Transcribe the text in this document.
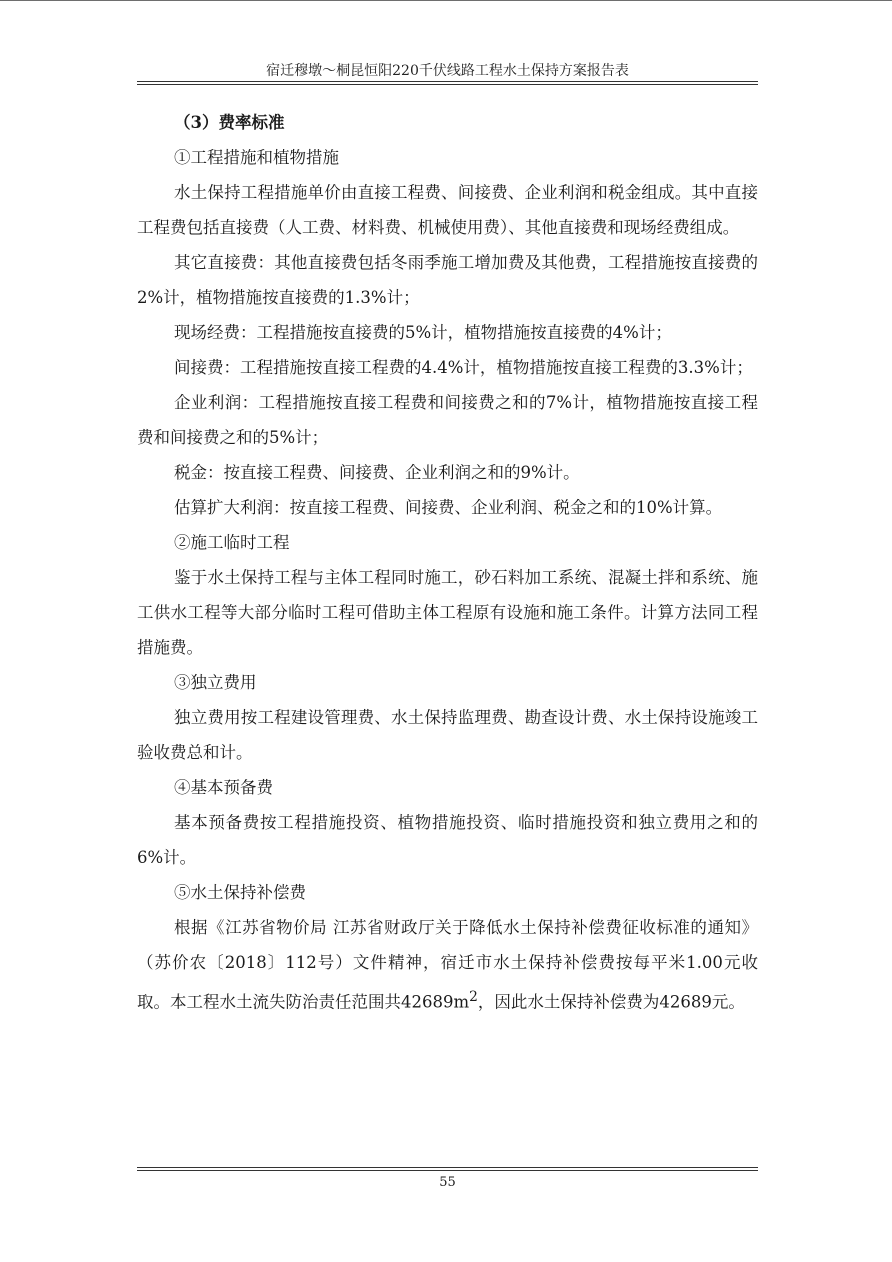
宿迁穆墩～桐昆恒阳220千伏线路工程水土保持方案报告表

（3）费率标准

①工程措施和植物措施

水土保持工程措施单价由直接工程费、间接费、企业利润和税金组成。其中直接工程费包括直接费（人工费、材料费、机械使用费）、其他直接费和现场经费组成。

其它直接费：其他直接费包括冬雨季施工增加费及其他费，工程措施按直接费的2%计，植物措施按直接费的1.3%计；

现场经费：工程措施按直接费的5%计，植物措施按直接费的4%计；

间接费：工程措施按直接工程费的4.4%计，植物措施按直接工程费的3.3%计；

企业利润：工程措施按直接工程费和间接费之和的7%计，植物措施按直接工程费和间接费之和的5%计；

税金：按直接工程费、间接费、企业利润之和的9%计。

估算扩大利润：按直接工程费、间接费、企业利润、税金之和的10%计算。

②施工临时工程

鉴于水土保持工程与主体工程同时施工，砂石料加工系统、混凝土拌和系统、施工供水工程等大部分临时工程可借助主体工程原有设施和施工条件。计算方法同工程措施费。

③独立费用

独立费用按工程建设管理费、水土保持监理费、勘查设计费、水土保持设施竣工验收费总和计。

④基本预备费

基本预备费按工程措施投资、植物措施投资、临时措施投资和独立费用之和的6%计。

⑤水土保持补偿费

根据《江苏省物价局 江苏省财政厅关于降低水土保持补偿费征收标准的通知》（苏价农〔2018〕112号）文件精神，宿迁市水土保持补偿费按每平米1.00元收取。本工程水土流失防治责任范围共$42689m^2$，因此水土保持补偿费为42689元。

55
